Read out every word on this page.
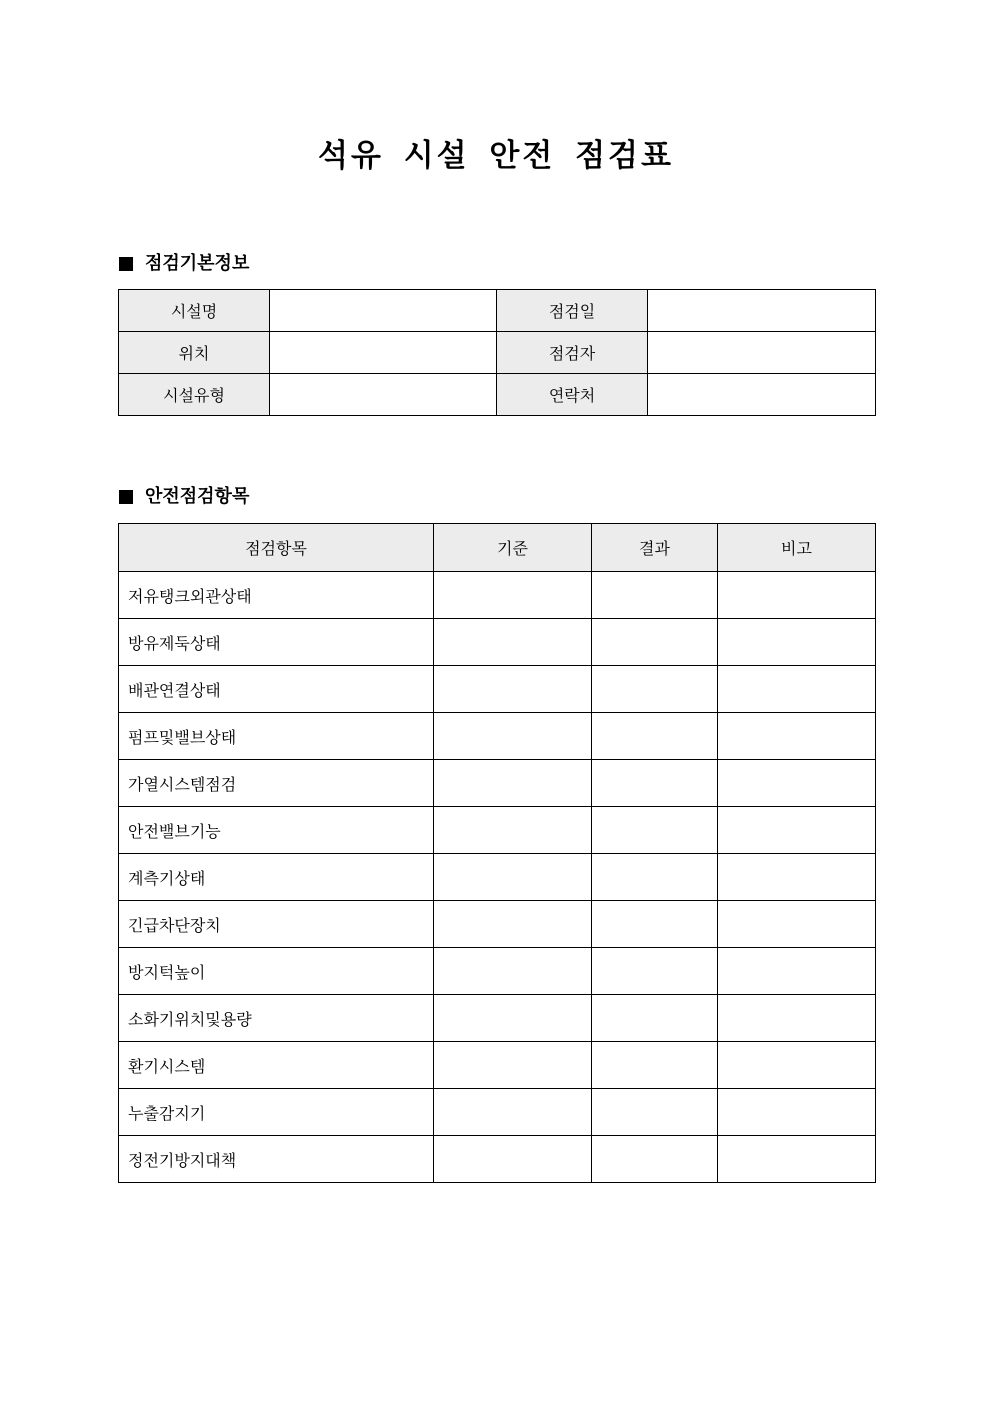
석유 시설 안전 점검표
점검기본정보
시설명		점검일	
위치		점검자	
시설유형		연락처	
안전점검항목
점검항목	기준	결과	비고
저유탱크외관상태			
방유제둑상태			
배관연결상태			
펌프및밸브상태			
가열시스템점검			
안전밸브기능			
계측기상태			
긴급차단장치			
방지턱높이			
소화기위치및용량			
환기시스템			
누출감지기			
정전기방지대책			
